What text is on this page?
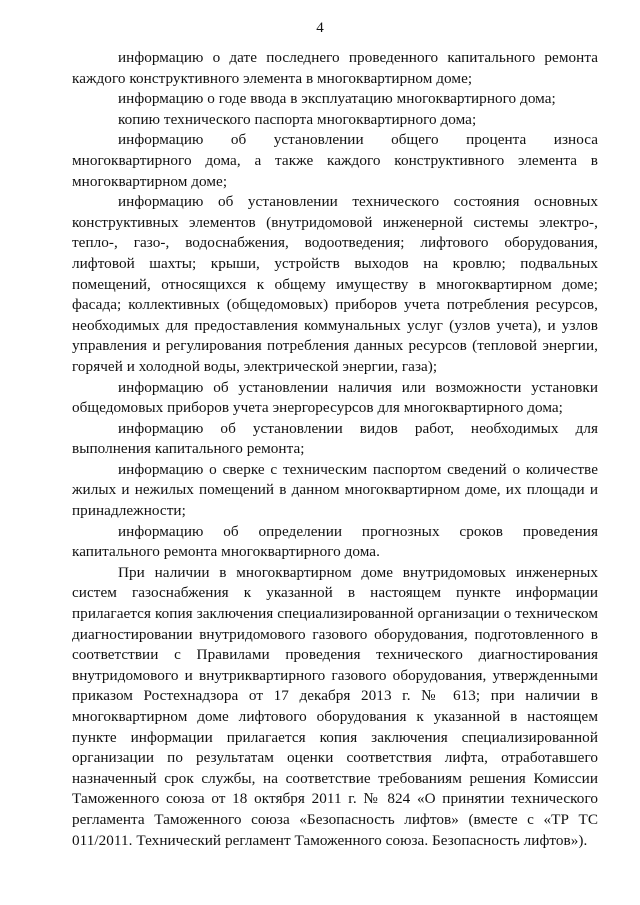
4

информацию о дате последнего проведенного капитального ремонта каждого конструктивного элемента в многоквартирном доме;

информацию о годе ввода в эксплуатацию многоквартирного дома;

копию технического паспорта многоквартирного дома;

информацию об установлении общего процента износа многоквартирного дома, а также каждого конструктивного элемента в многоквартирном доме;

информацию об установлении технического состояния основных конструктивных элементов (внутридомовой инженерной системы электро-, тепло-, газо-, водоснабжения, водоотведения; лифтового оборудования, лифтовой шахты; крыши, устройств выходов на кровлю; подвальных помещений, относящихся к общему имуществу в многоквартирном доме; фасада; коллективных (общедомовых) приборов учета потребления ресурсов, необходимых для предоставления коммунальных услуг (узлов учета), и узлов управления и регулирования потребления данных ресурсов (тепловой энергии, горячей и холодной воды, электрической энергии, газа);

информацию об установлении наличия или возможности установки общедомовых приборов учета энергоресурсов для многоквартирного дома;

информацию об установлении видов работ, необходимых для выполнения капитального ремонта;

информацию о сверке с техническим паспортом сведений о количестве жилых и нежилых помещений в данном многоквартирном доме, их площади и принадлежности;

информацию об определении прогнозных сроков проведения капитального ремонта многоквартирного дома.

При наличии в многоквартирном доме внутридомовых инженерных систем газоснабжения к указанной в настоящем пункте информации прилагается копия заключения специализированной организации о техническом диагностировании внутридомового газового оборудования, подготовленного в соответствии с Правилами проведения технического диагностирования внутридомового и внутриквартирного газового оборудования, утвержденными приказом Ростехнадзора от 17 декабря 2013 г. № 613; при наличии в многоквартирном доме лифтового оборудования к указанной в настоящем пункте информации прилагается копия заключения специализированной организации по результатам оценки соответствия лифта, отработавшего назначенный срок службы, на соответствие требованиям решения Комиссии Таможенного союза от 18 октября 2011 г. № 824 «О принятии технического регламента Таможенного союза «Безопасность лифтов» (вместе с «ТР ТС 011/2011. Технический регламент Таможенного союза. Безопасность лифтов»).
